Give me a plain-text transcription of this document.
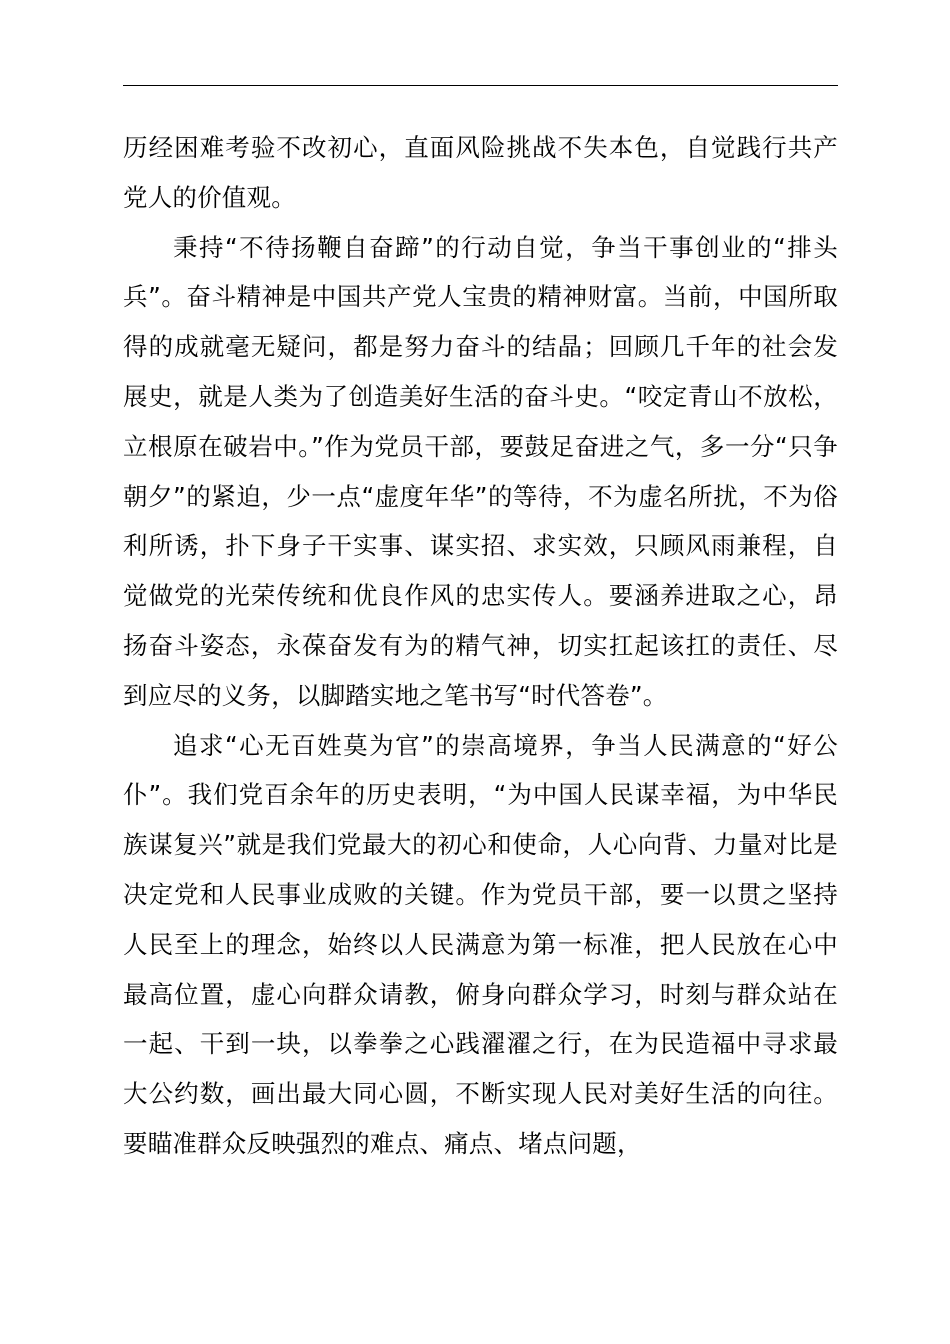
历经困难考验不改初心，直面风险挑战不失本色，自觉践行共产党人的价值观。

秉持“不待扬鞭自奋蹄”的行动自觉，争当干事创业的“排头兵”。奋斗精神是中国共产党人宝贵的精神财富。当前，中国所取得的成就毫无疑问，都是努力奋斗的结晶；回顾几千年的社会发展史，就是人类为了创造美好生活的奋斗史。“咬定青山不放松，立根原在破岩中。”作为党员干部，要鼓足奋进之气，多一分“只争朝夕”的紧迫，少一点“虚度年华”的等待，不为虚名所扰，不为俗利所诱，扑下身子干实事、谋实招、求实效，只顾风雨兼程，自觉做党的光荣传统和优良作风的忠实传人。要涵养进取之心，昂扬奋斗姿态，永葆奋发有为的精气神，切实扛起该扛的责任、尽到应尽的义务，以脚踏实地之笔书写“时代答卷”。

追求“心无百姓莫为官”的崇高境界，争当人民满意的“好公仆”。我们党百余年的历史表明，“为中国人民谋幸福，为中华民族谋复兴”就是我们党最大的初心和使命，人心向背、力量对比是决定党和人民事业成败的关键。作为党员干部，要一以贯之坚持人民至上的理念，始终以人民满意为第一标准，把人民放在心中最高位置，虚心向群众请教，俯身向群众学习，时刻与群众站在一起、干到一块，以拳拳之心践濯濯之行，在为民造福中寻求最大公约数，画出最大同心圆，不断实现人民对美好生活的向往。要瞄准群众反映强烈的难点、痛点、堵点问题，
